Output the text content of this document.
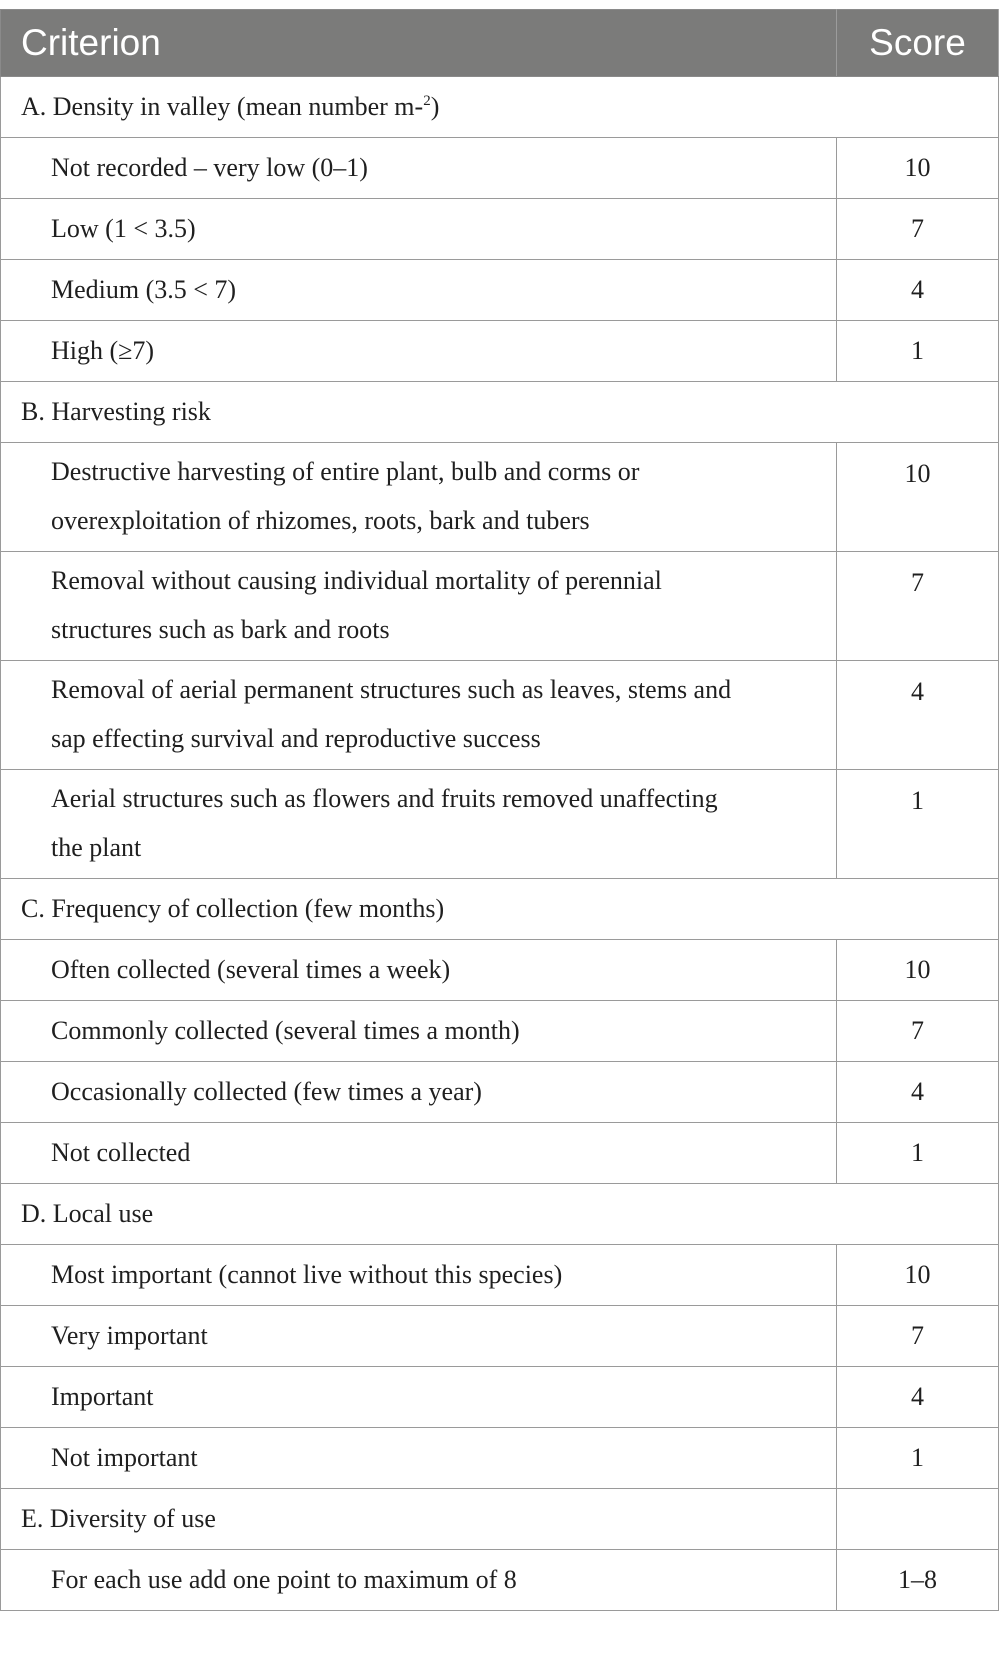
Criterion	Score
A. Density in valley (mean number m-$^2$)	
Not recorded – very low (0–1)	10
Low (1 < 3.5)	7
Medium (3.5 < 7)	4
High (≥7)	1
B. Harvesting risk	
Destructive harvesting of entire plant, bulb and corms or
overexploitation of rhizomes, roots, bark and tubers	10
Removal without causing individual mortality of perennial
structures such as bark and roots	7
Removal of aerial permanent structures such as leaves, stems and
sap effecting survival and reproductive success	4
Aerial structures such as flowers and fruits removed unaffecting
the plant	1
C. Frequency of collection (few months)	
Often collected (several times a week)	10
Commonly collected (several times a month)	7
Occasionally collected (few times a year)	4
Not collected	1
D. Local use	
Most important (cannot live without this species)	10
Very important	7
Important	4
Not important	1
E. Diversity of use	
For each use add one point to maximum of 8	1–8
